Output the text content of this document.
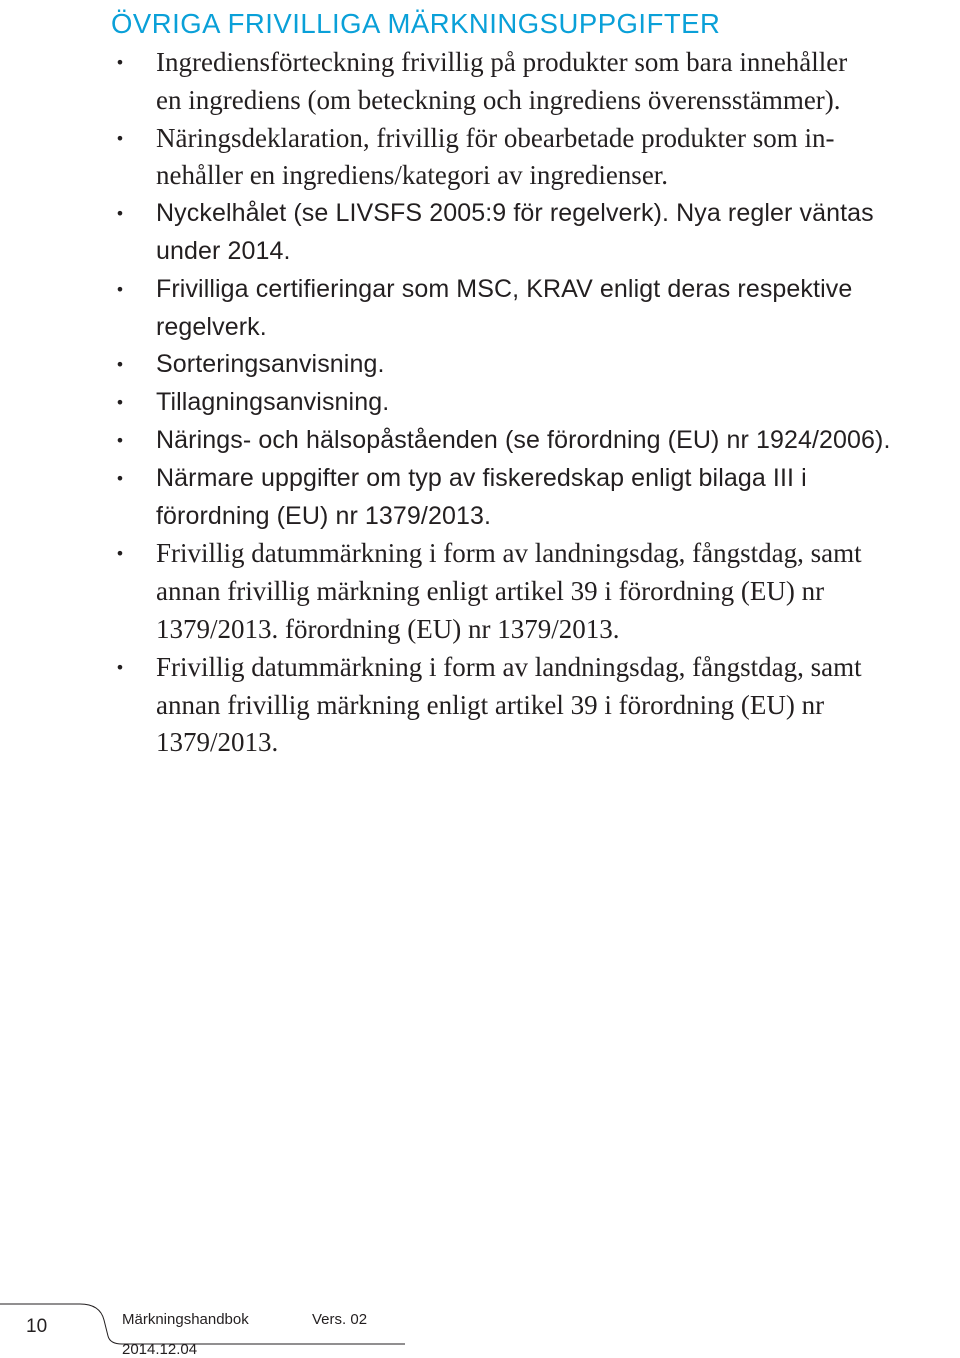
ÖVRIGA FRIVILLIGA MÄRKNINGSUPPGIFTER
• Ingrediensförteckning frivillig på produkter som bara innehåller
en ingrediens (om beteckning och ingrediens överensstämmer).
• Näringsdeklaration, frivillig för obearbetade produkter som in-
nehåller en ingrediens/kategori av ingredienser.
• Nyckelhålet (se LIVSFS 2005:9 för regelverk). Nya regler väntas
under 2014.
• Frivilliga certifieringar som MSC, KRAV enligt deras respektive
regelverk.
• Sorteringsanvisning.
• Tillagningsanvisning.
• Närings- och hälsopåståenden (se förordning (EU) nr 1924/2006).
• Närmare uppgifter om typ av fiskeredskap enligt bilaga III i
förordning (EU) nr 1379/2013.
• Frivillig datummärkning i form av landningsdag, fångstdag, samt
annan frivillig märkning enligt artikel 39 i förordning (EU) nr
1379/2013. förordning (EU) nr 1379/2013.
• Frivillig datummärkning i form av landningsdag, fångstdag, samt
annan frivillig märkning enligt artikel 39 i förordning (EU) nr
1379/2013.
10	Märkningshandbok	Vers. 02
2014.12.04
